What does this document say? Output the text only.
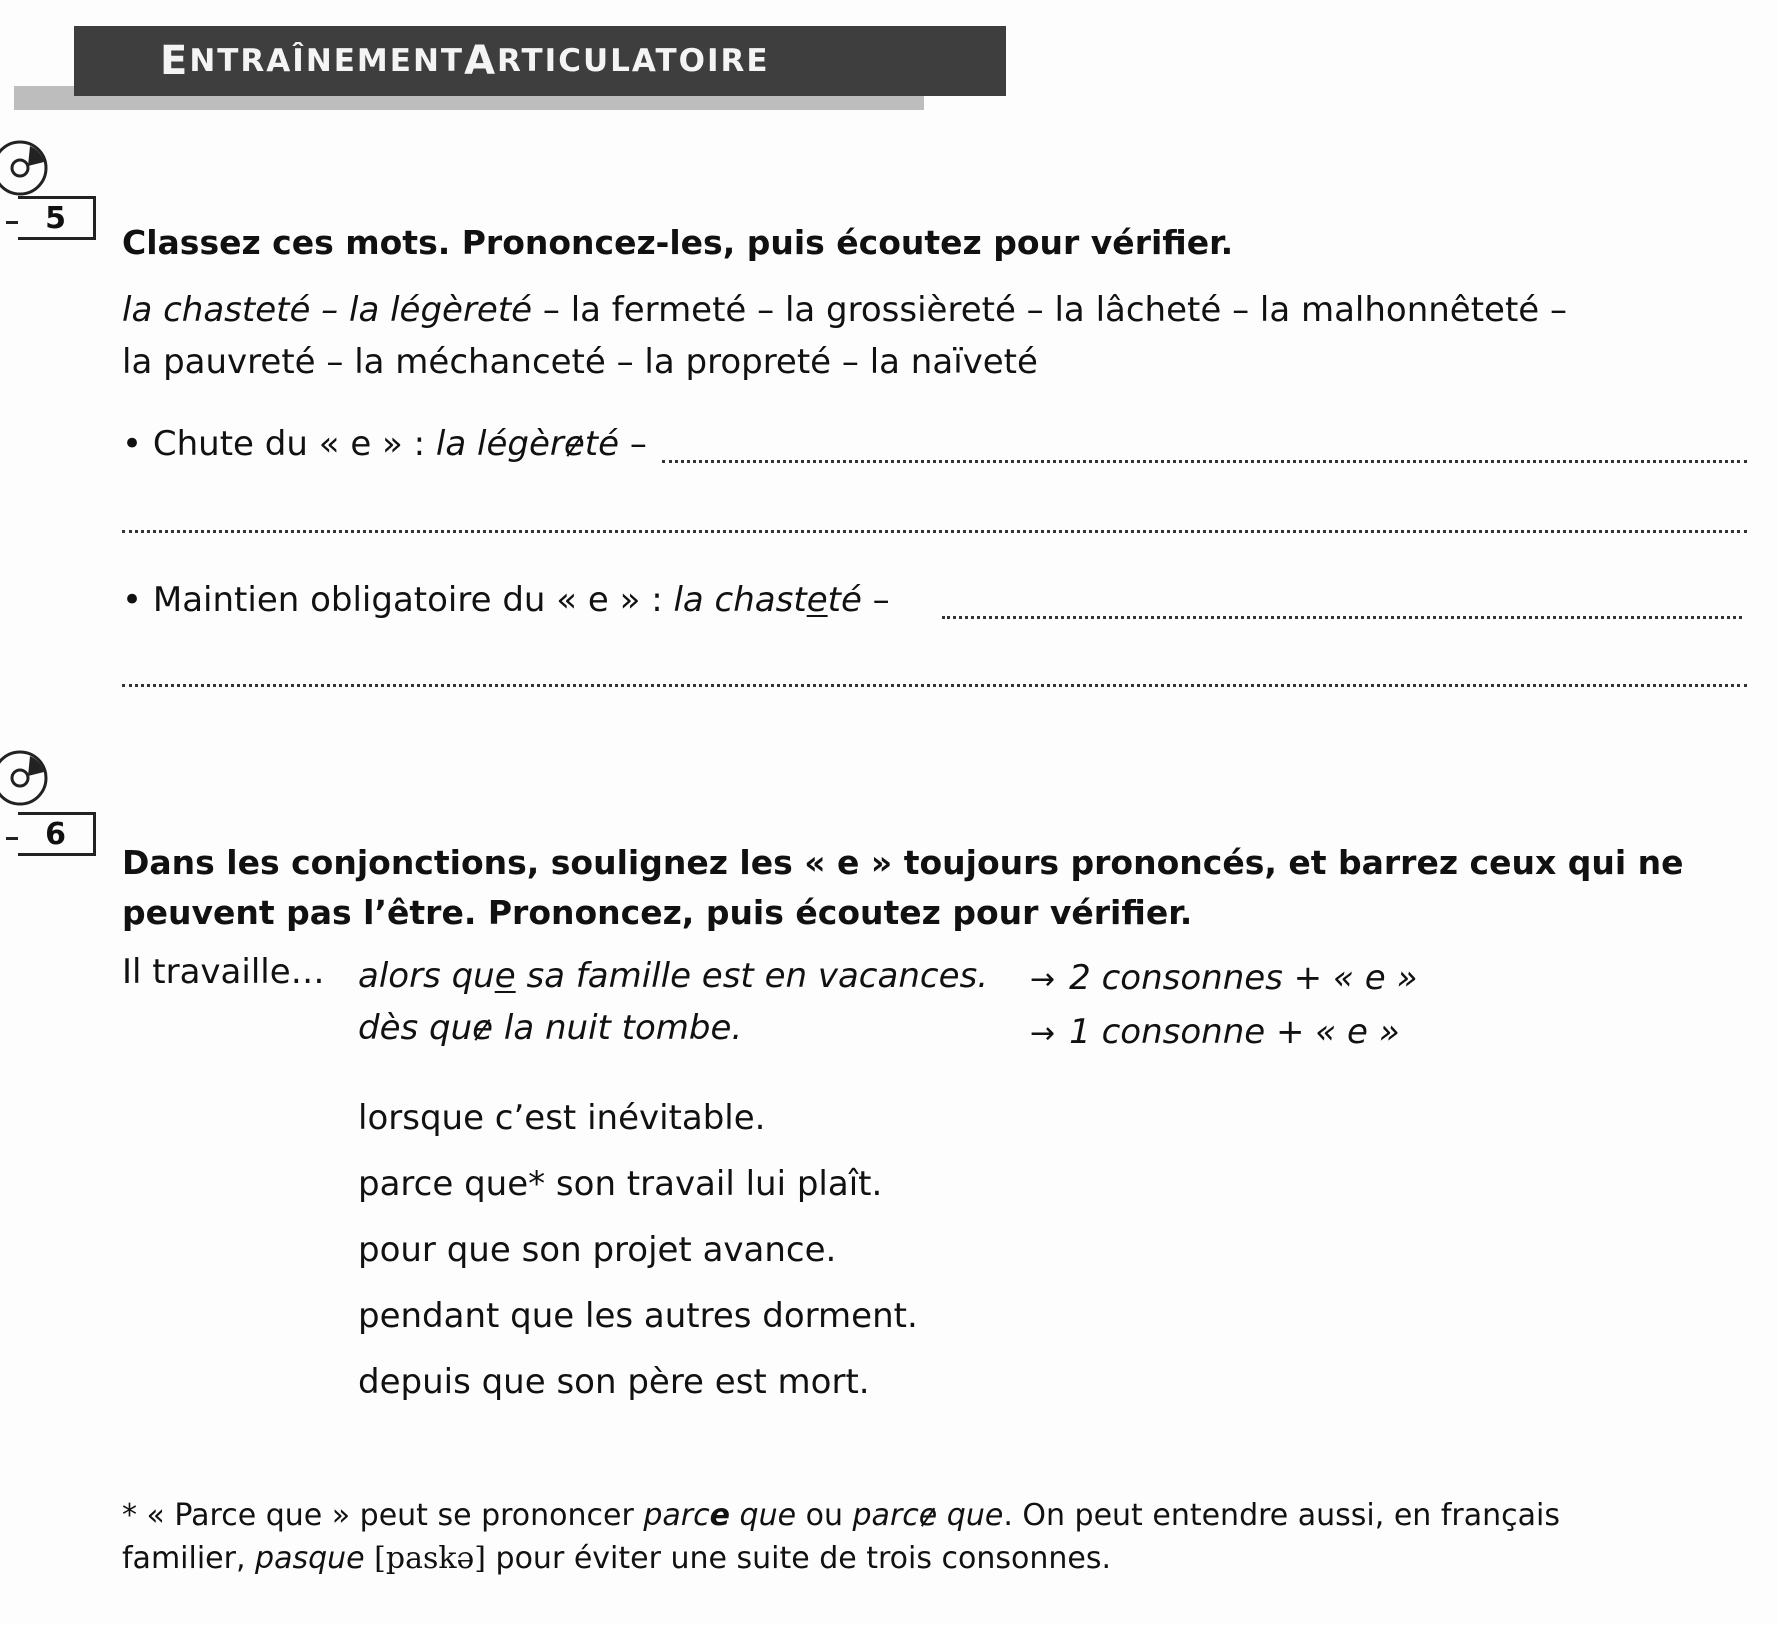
E NTRAÎNEMENT A RTICULATOIRE
5
Classez ces mots. Prononcez-les, puis écoutez pour vérifier.
la chasteté – la légèreté – la fermeté – la grossièreté – la lâcheté – la malhonnêteté –
la pauvreté – la méchanceté – la propreté – la naïveté
• Chute du « e » : la légèreté –
• Maintien obligatoire du « e » : la chasteté –
6
Dans les conjonctions, soulignez les « e » toujours prononcés, et barrez ceux qui ne
peuvent pas l’être. Prononcez, puis écoutez pour vérifier.
Il travaille… alors que sa famille est en vacances. → 2 consonnes + « e »
dès que la nuit tombe.	→ 1 consonne + « e »
lorsque c’est inévitable.
parce que* son travail lui plaît.
pour que son projet avance.
pendant que les autres dorment.
depuis que son père est mort.
* « Parce que » peut se prononcer parce que ou parce que. On peut entendre aussi, en français familier, pasque [paskə] pour éviter une suite de trois consonnes.
